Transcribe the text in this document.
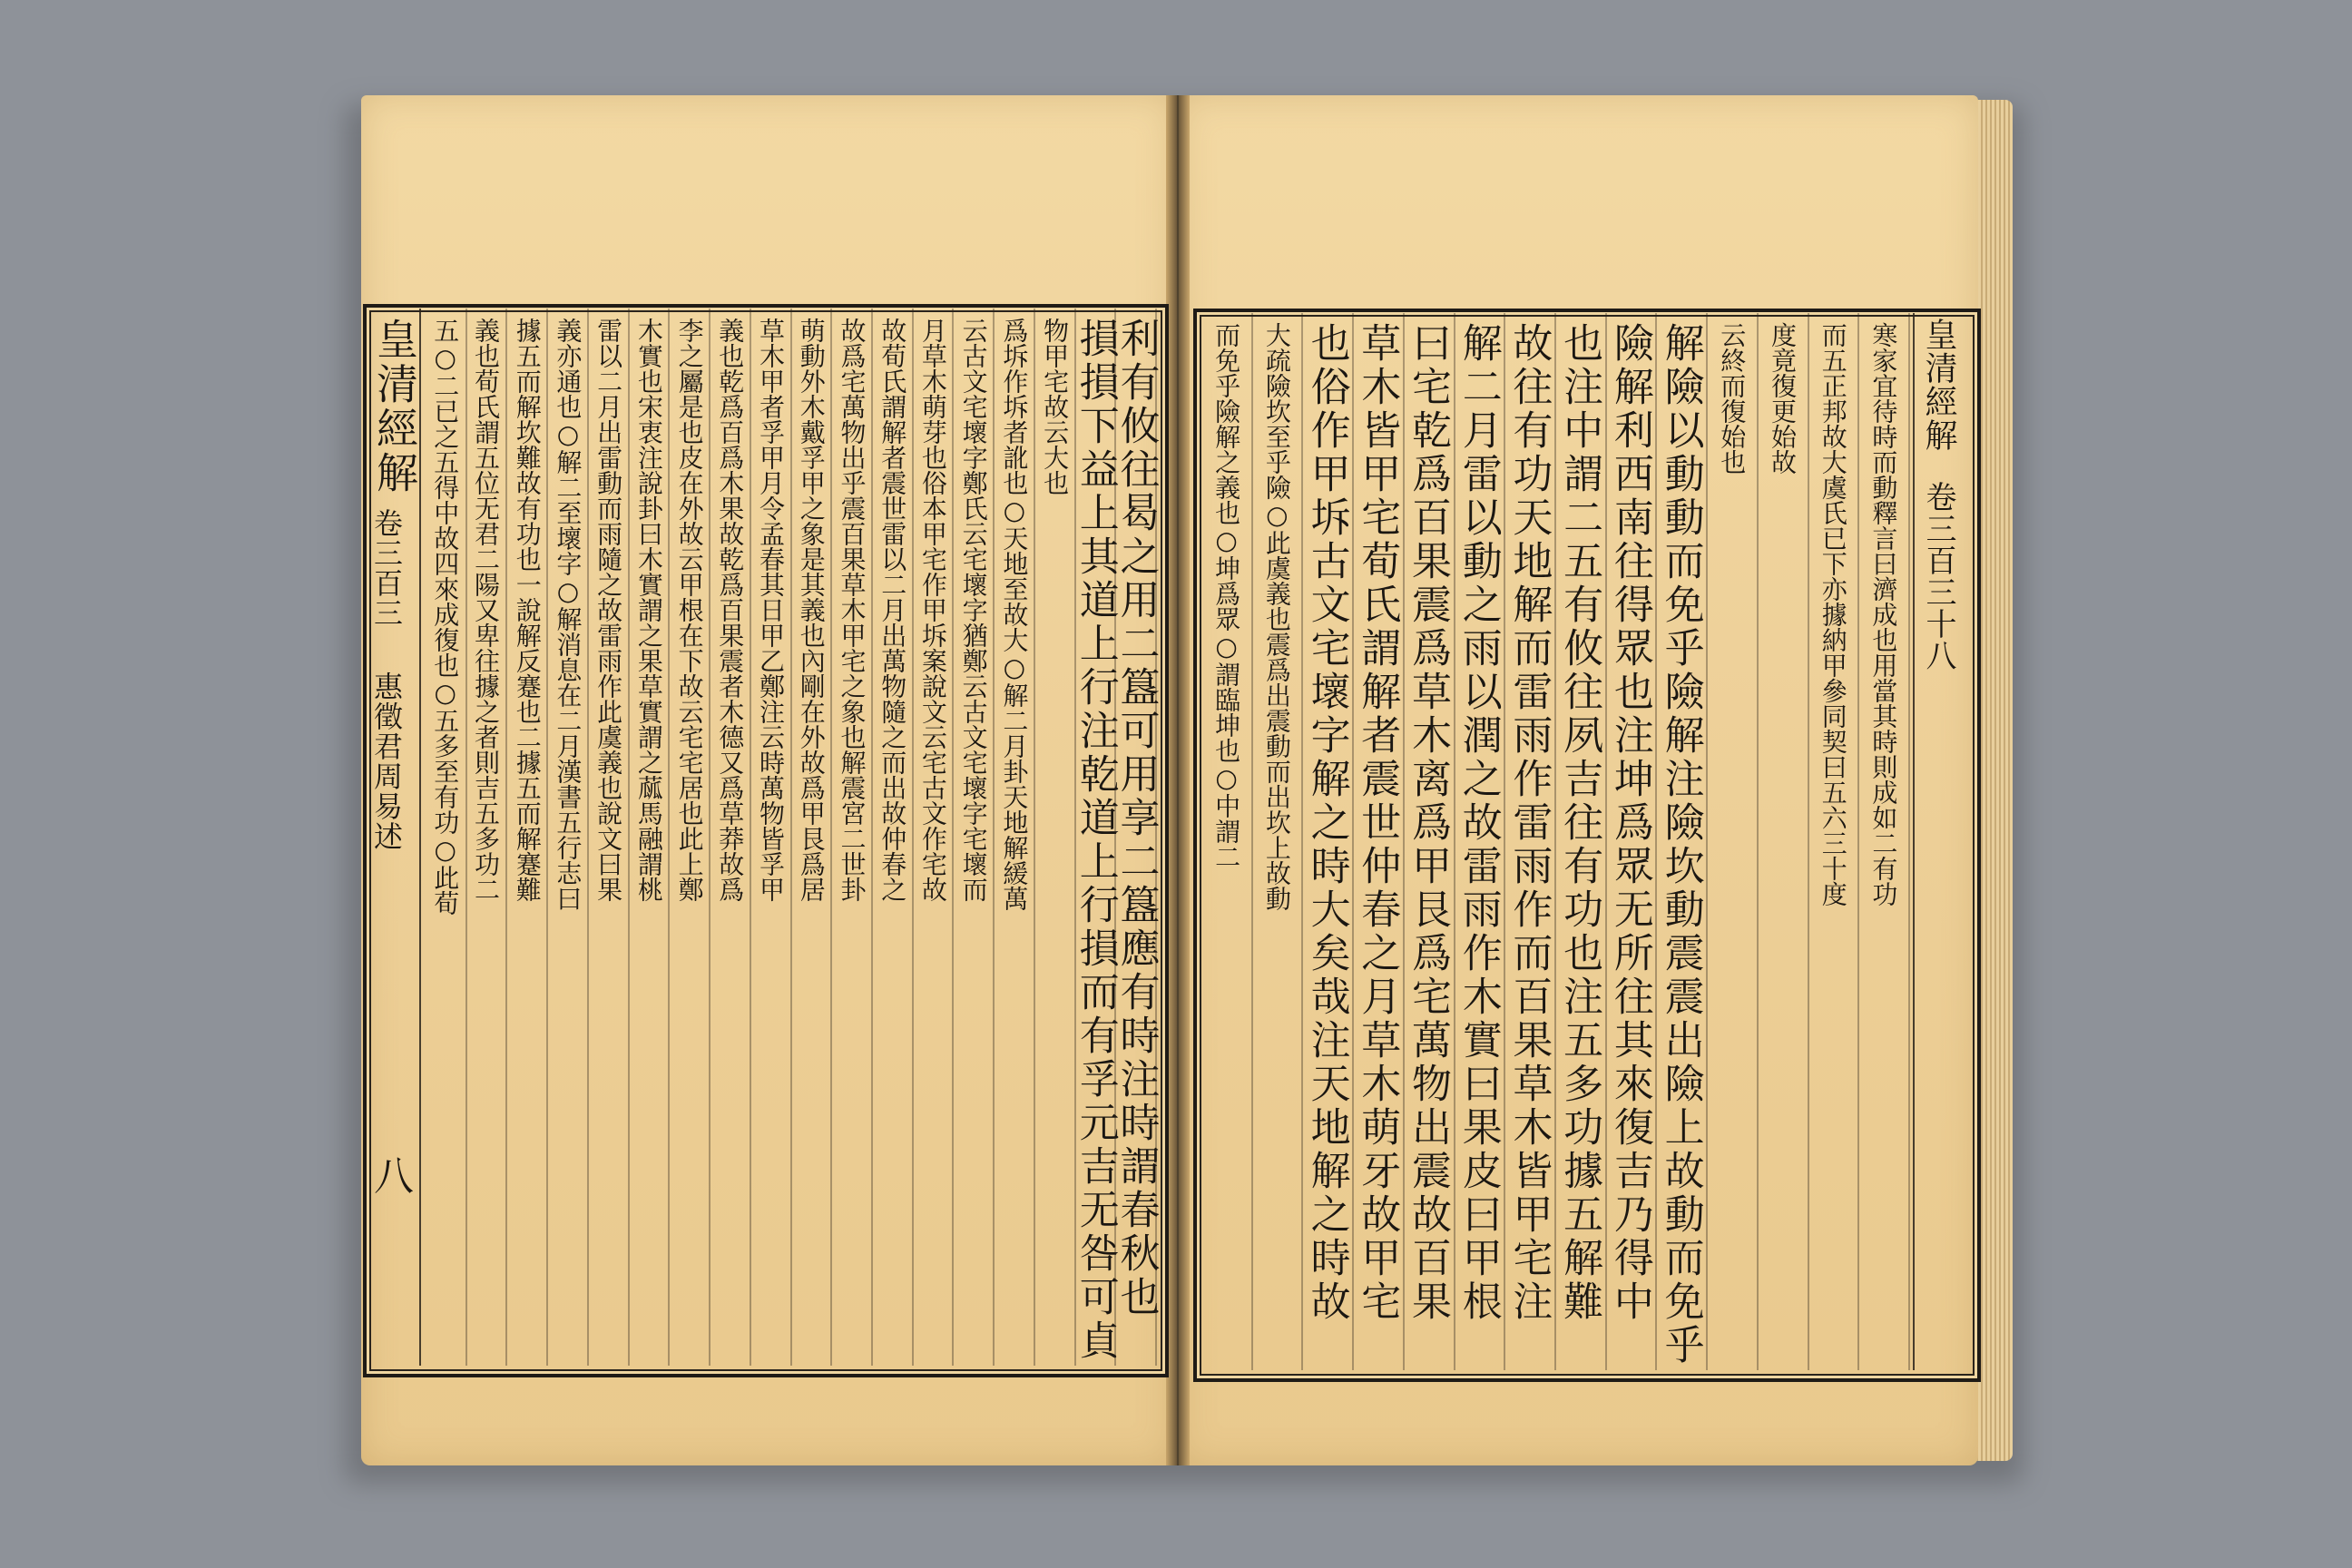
皇清經解
卷三百三
惠徵君周易述
八
五○二已之五得中故四來成復也○五多至有功○此荀 義也荀氏謂五位无君二陽又卑往據之者則吉五多功二 據五而解坎難故有功也一說解反蹇也二據五而解蹇難 義亦通也○解二至壞字○解消息在二月漢書五行志曰 雷以二月出雷動而雨隨之故雷雨作此虞義也說文曰果 木實也宋衷注說卦曰木實謂之果草實謂之蓏馬融謂桃 李之屬是也皮在外故云甲根在下故云宅宅居也此上鄭 義也乾爲百爲木果故乾爲百果震者木德又爲草莽故爲 草木甲者孚甲月令孟春其日甲乙鄭注云時萬物皆孚甲 萌動外木戴孚甲之象是其義也內剛在外故爲甲艮爲居 故爲宅萬物出乎震百果草木甲宅之象也解震宮二世卦 故荀氏謂解者震世雷以二月出萬物隨之而出故仲春之 月草木萌芽也俗本甲宅作甲坼案說文云宅古文作宅故 云古文宅壞字鄭氏云宅壞字猶鄭云古文宅壞字宅壞而 爲坼作坼者訛也○天地至故大○解二月卦天地解緩萬 物甲宅故云大也 損損下益上其道上行注乾道上行損而有孚元吉无咎可貞
利有攸往曷之用二簋可用享二簋應有時注時謂春秋也	皇清經解
卷三百三十八
而免乎險解之義也○坤爲眾○謂臨坤也○中謂二 大疏險坎至乎險○此虞義也震爲出震動而出坎上故動 也俗作甲坼古文宅壞字解之時大矣哉注天地解之時故 草木皆甲宅荀氏謂解者震世仲春之月草木萌牙故甲宅 曰宅乾爲百果震爲草木离爲甲艮爲宅萬物出震故百果 解二月雷以動之雨以潤之故雷雨作木實曰果皮曰甲根 故往有功天地解而雷雨作雷雨作而百果草木皆甲宅注 也注中謂二五有攸往夙吉往有功也注五多功據五解難 險解利西南往得眾也注坤爲眾无所往其來復吉乃得中 解險以動動而免乎險解注險坎動震震出險上故動而免乎 云終而復始也 度竟復更始故 而五正邦故大虞氏已下亦據納甲參同契曰五六三十度 寒家宜待時而動釋言曰濟成也用當其時則成如二有功
